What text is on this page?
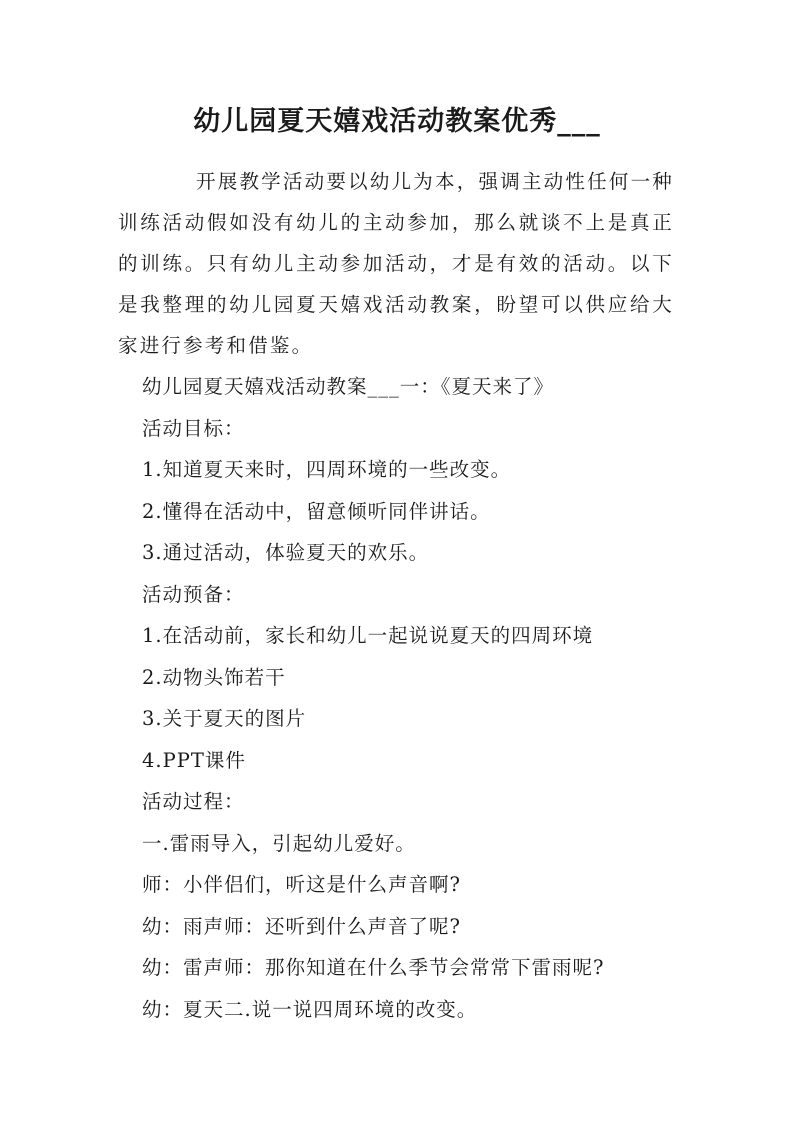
幼儿园夏天嬉戏活动教案优秀___

开展教学活动要以幼儿为本，强调主动性任何一种训练活动假如没有幼儿的主动参加，那么就谈不上是真正的训练。只有幼儿主动参加活动，才是有效的活动。以下是我整理的幼儿园夏天嬉戏活动教案，盼望可以供应给大家进行参考和借鉴。

幼儿园夏天嬉戏活动教案___一：《夏天来了》

活动目标：

1.知道夏天来时，四周环境的一些改变。

2.懂得在活动中，留意倾听同伴讲话。

3.通过活动，体验夏天的欢乐。

活动预备：

1.在活动前，家长和幼儿一起说说夏天的四周环境

2.动物头饰若干

3.关于夏天的图片

4.PPT课件

活动过程：

一.雷雨导入，引起幼儿爱好。

师：小伴侣们，听这是什么声音啊?

幼：雨声师：还听到什么声音了呢?

幼：雷声师：那你知道在什么季节会常常下雷雨呢?

幼：夏天二.说一说四周环境的改变。
